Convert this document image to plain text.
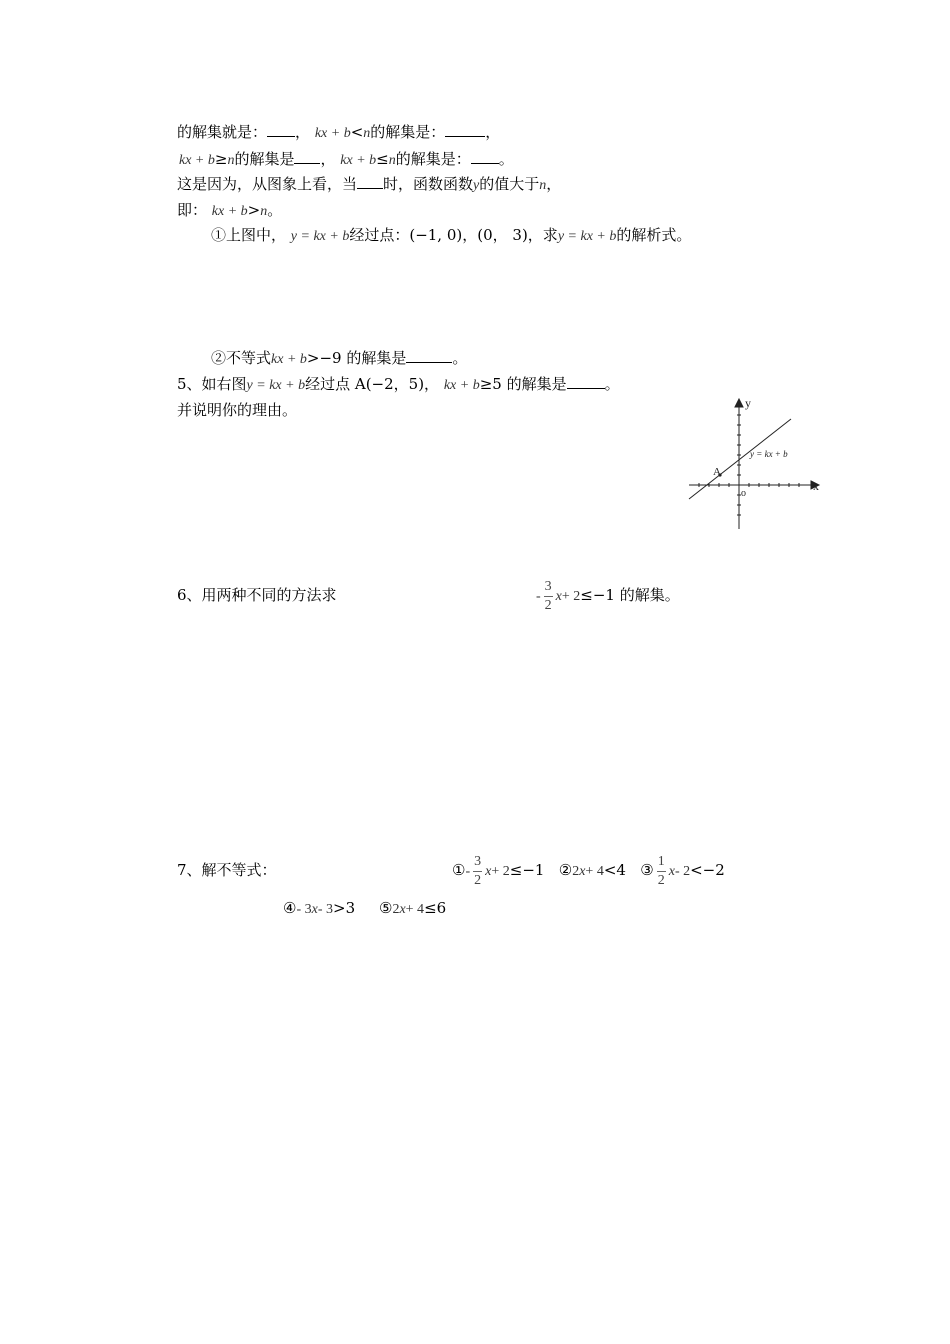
的解集就是： ， kx + b<n的解集是：	，
kx + b≥n的解集是 ， kx + b≤n的解集是： 。
这是因为，从图象上看，当 时，函数函数y的值大于n，
即： kx + b>n。
①上图中， y = kx + b经过点：(−1, 0)，(0， 3)，求y = kx + b的解析式。
②不等式kx + b>−9 的解集是	。
5、如右图y = kx + b经过点 A(−2，5)， kx + b≥5 的解集是	。
并说明你的理由。	y
x
o
A
y = kx + b
6、用两种不同的方法求	- $\frac{3}{2} x+ 2\le-1$ 的解集。
7、解不等式：	①- $\frac{3}{2} x+ 2\le-1$ ②2x+ 4<4 ③ $\frac{1}{2} x-$ 2<−2
④- 3x- 3>3 ⑤2x+ 4≤6
